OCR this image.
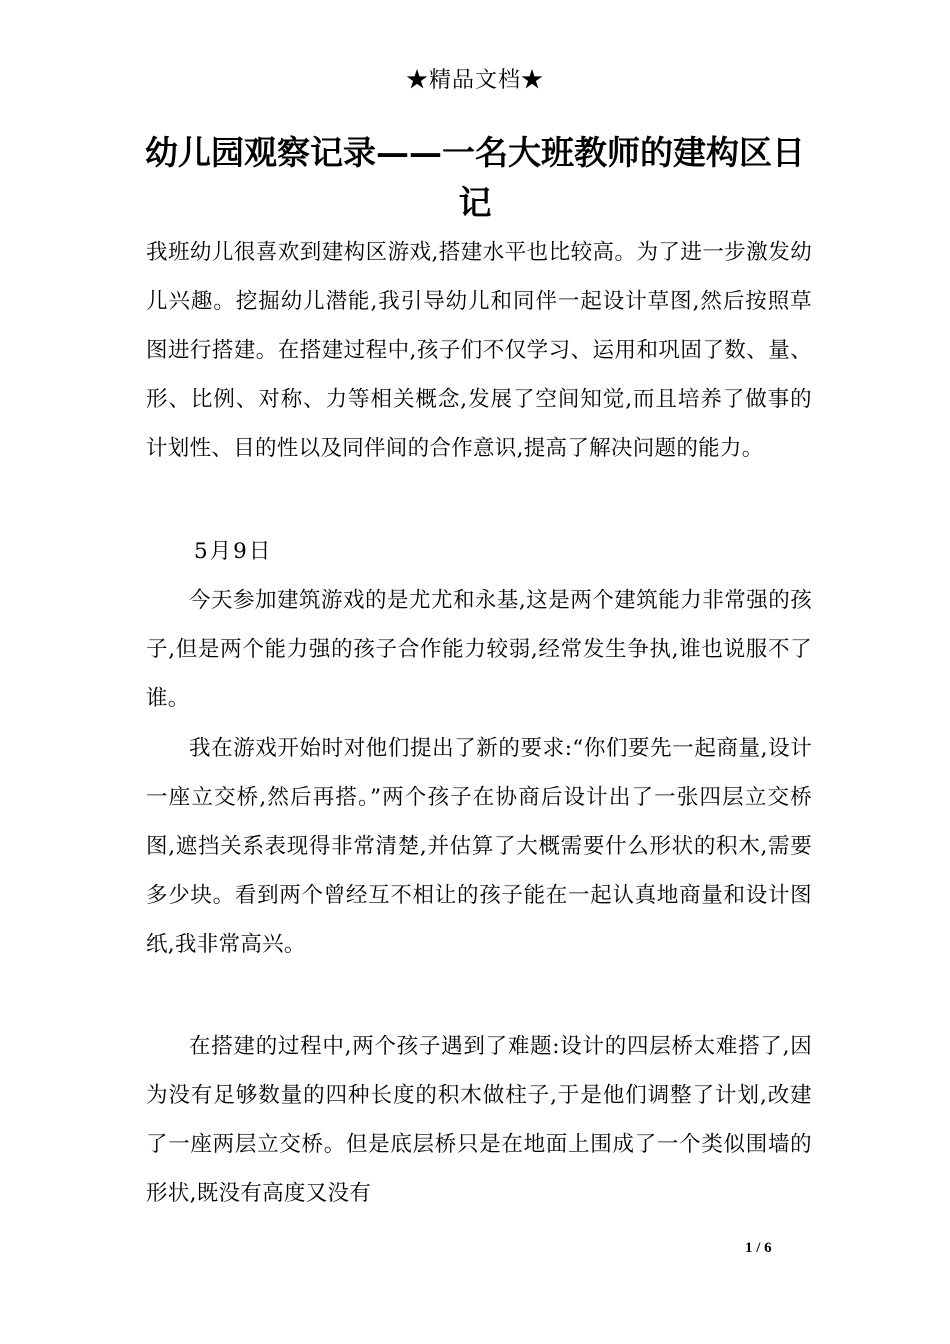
★精品文档★
幼儿园观察记录——一名大班教师的建构区日记

我班幼儿很喜欢到建构区游戏,搭建水平也比较高。为了进一步激发幼儿兴趣。挖掘幼儿潜能,我引导幼儿和同伴一起设计草图,然后按照草图进行搭建。在搭建过程中,孩子们不仅学习、运用和巩固了数、量、形、比例、对称、力等相关概念,发展了空间知觉,而且培养了做事的计划性、目的性以及同伴间的合作意识,提高了解决问题的能力。

5月9日

今天参加建筑游戏的是尤尤和永基,这是两个建筑能力非常强的孩子,但是两个能力强的孩子合作能力较弱,经常发生争执,谁也说服不了谁。

我在游戏开始时对他们提出了新的要求:“你们要先一起商量,设计一座立交桥,然后再搭。”两个孩子在协商后设计出了一张四层立交桥图,遮挡关系表现得非常清楚,并估算了大概需要什么形状的积木,需要多少块。看到两个曾经互不相让的孩子能在一起认真地商量和设计图纸,我非常高兴。

在搭建的过程中,两个孩子遇到了难题:设计的四层桥太难搭了,因为没有足够数量的四种长度的积木做柱子,于是他们调整了计划,改建了一座两层立交桥。但是底层桥只是在地面上围成了一个类似围墙的形状,既没有高度又没有

1 / 6
